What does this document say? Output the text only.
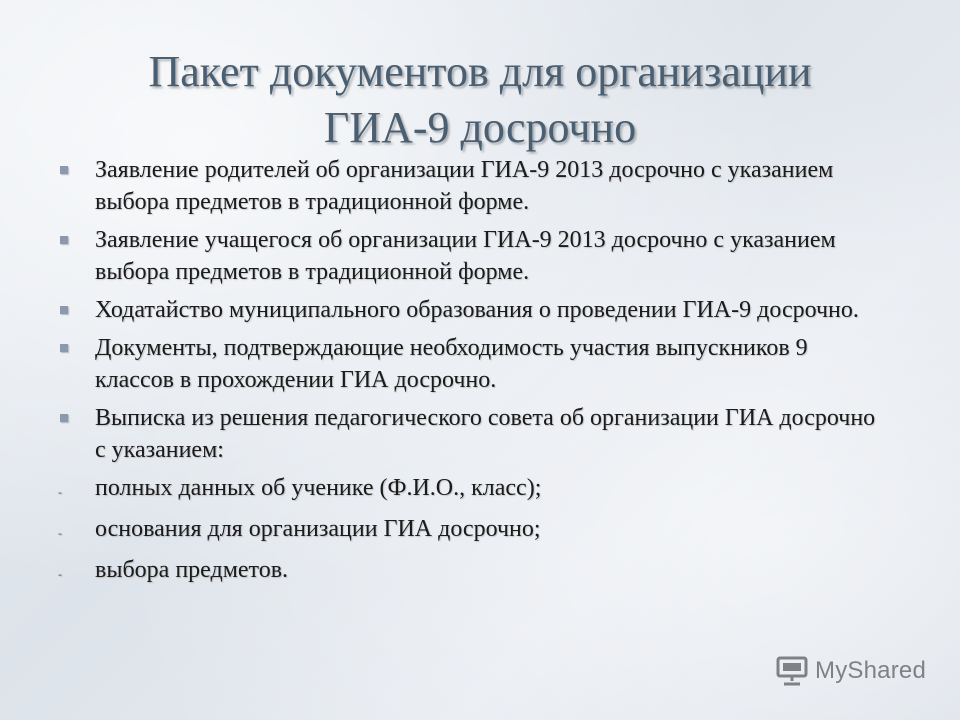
Пакет документов для организации
ГИА-9 досрочно
Заявление родителей об организации ГИА-9 2013 досрочно с указанием выбора предметов в традиционной форме.
Заявление учащегося об организации ГИА-9 2013 досрочно с указанием выбора предметов в традиционной форме.
Ходатайство муниципального образования о проведении ГИА-9 досрочно.
Документы, подтверждающие необходимость участия выпускников 9 классов в прохождении ГИА досрочно.
Выписка из решения педагогического совета об организации ГИА досрочно с указанием:
- полных данных об ученике (Ф.И.О., класс);
- основания для организации ГИА досрочно;
- выбора предметов.
MyShared
